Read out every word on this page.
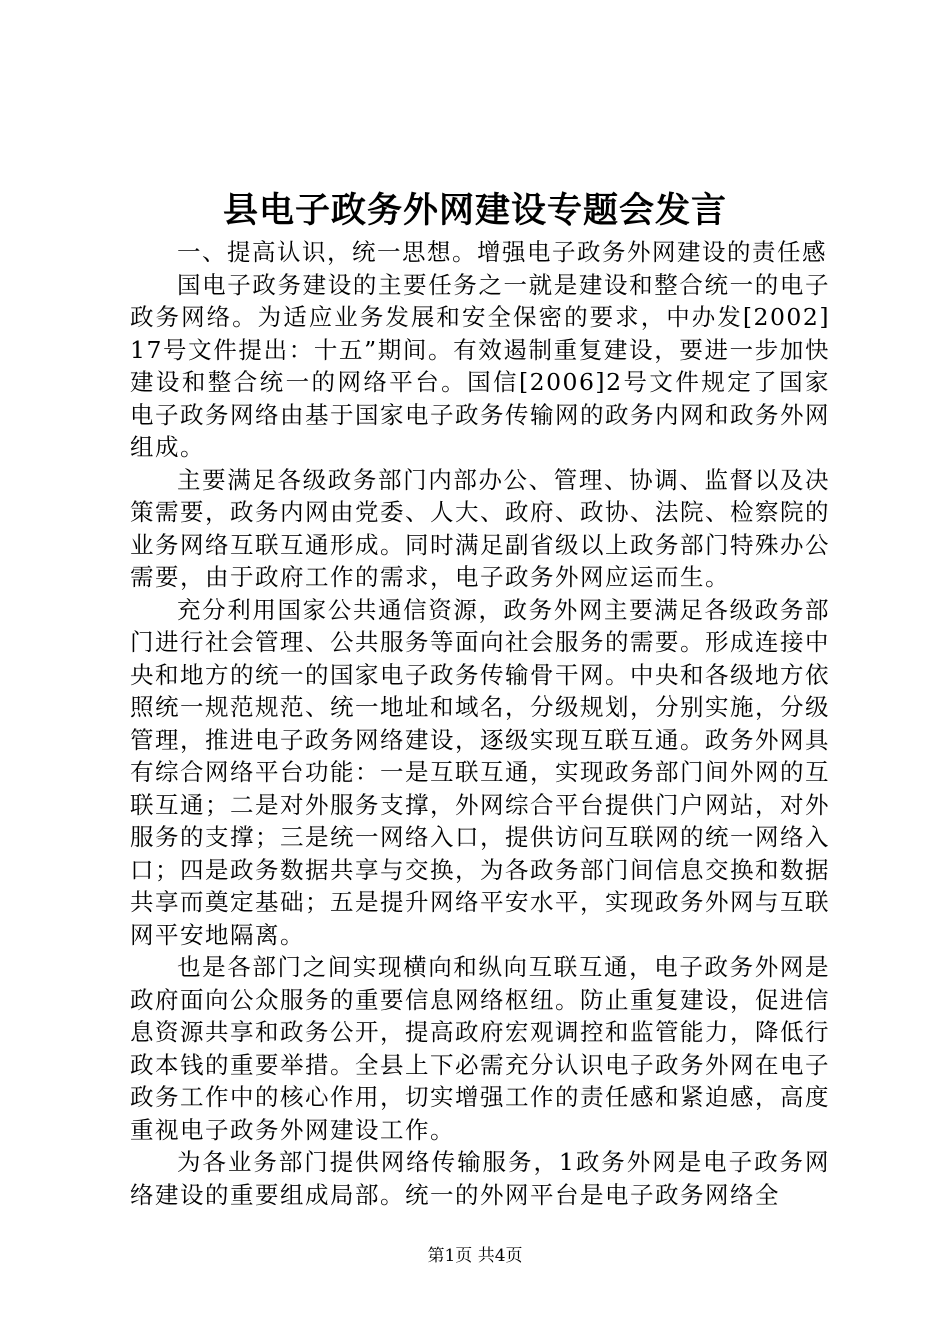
县电子政务外网建设专题会发言

一、提高认识，统一思想。增强电子政务外网建设的责任感

国电子政务建设的主要任务之一就是建设和整合统一的电子政务网络。为适应业务发展和安全保密的要求，中办发[2002]17号文件提出：十五”期间。有效遏制重复建设，要进一步加快建设和整合统一的网络平台。国信[2006]2号文件规定了国家电子政务网络由基于国家电子政务传输网的政务内网和政务外网组成。

主要满足各级政务部门内部办公、管理、协调、监督以及决策需要，政务内网由党委、人大、政府、政协、法院、检察院的业务网络互联互通形成。同时满足副省级以上政务部门特殊办公需要，由于政府工作的需求，电子政务外网应运而生。

充分利用国家公共通信资源，政务外网主要满足各级政务部门进行社会管理、公共服务等面向社会服务的需要。形成连接中央和地方的统一的国家电子政务传输骨干网。中央和各级地方依照统一规范规范、统一地址和域名，分级规划，分别实施，分级管理，推进电子政务网络建设，逐级实现互联互通。政务外网具有综合网络平台功能：一是互联互通，实现政务部门间外网的互联互通；二是对外服务支撑，外网综合平台提供门户网站，对外服务的支撑；三是统一网络入口，提供访问互联网的统一网络入口；四是政务数据共享与交换，为各政务部门间信息交换和数据共享而奠定基础；五是提升网络平安水平，实现政务外网与互联网平安地隔离。

也是各部门之间实现横向和纵向互联互通，电子政务外网是政府面向公众服务的重要信息网络枢纽。防止重复建设，促进信息资源共享和政务公开，提高政府宏观调控和监管能力，降低行政本钱的重要举措。全县上下必需充分认识电子政务外网在电子政务工作中的核心作用，切实增强工作的责任感和紧迫感，高度重视电子政务外网建设工作。

为各业务部门提供网络传输服务，1政务外网是电子政务网络建设的重要组成局部。统一的外网平台是电子政务网络全

第1页 共4页
